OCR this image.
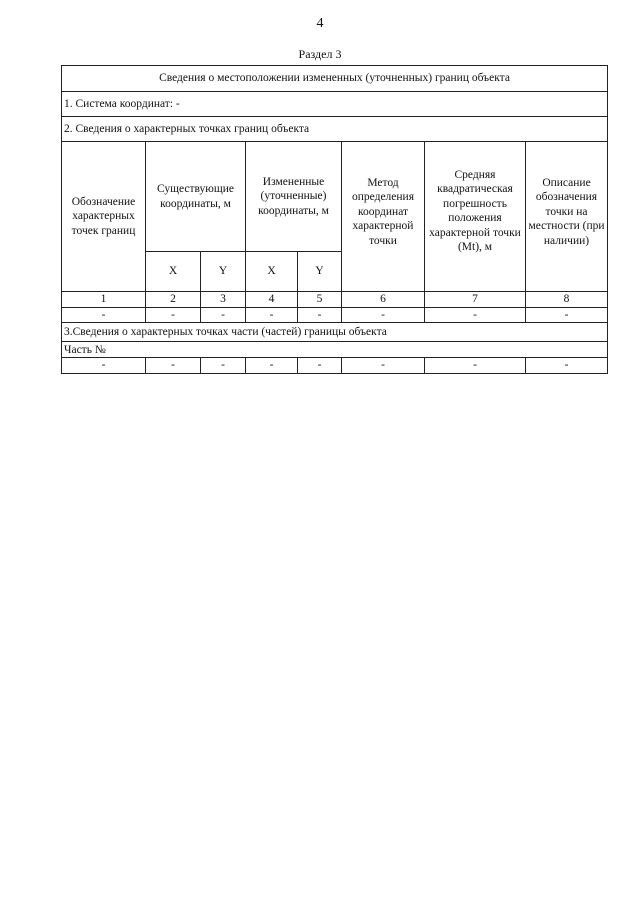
4
Раздел 3
Сведения о местоположении измененных (уточненных) границ объекта							
1. Система координат: -							
2. Сведения о характерных точках границ объекта							
Обозначение характерных точек границ	Существующие координаты, м		Измененные (уточненные) координаты, м		Метод определения координат характерной точки	Средняя квадратическая погрешность положения характерной точки (Mt), м	Описание обозначения точки на местности (при наличии)
	X	Y	X	Y			
1	2	3	4	5	6	7	8
-	-	-	-	-	-	-	-
3.Сведения о характерных точках части (частей) границы объекта							
Часть №							
-	-	-	-	-	-	-	-
